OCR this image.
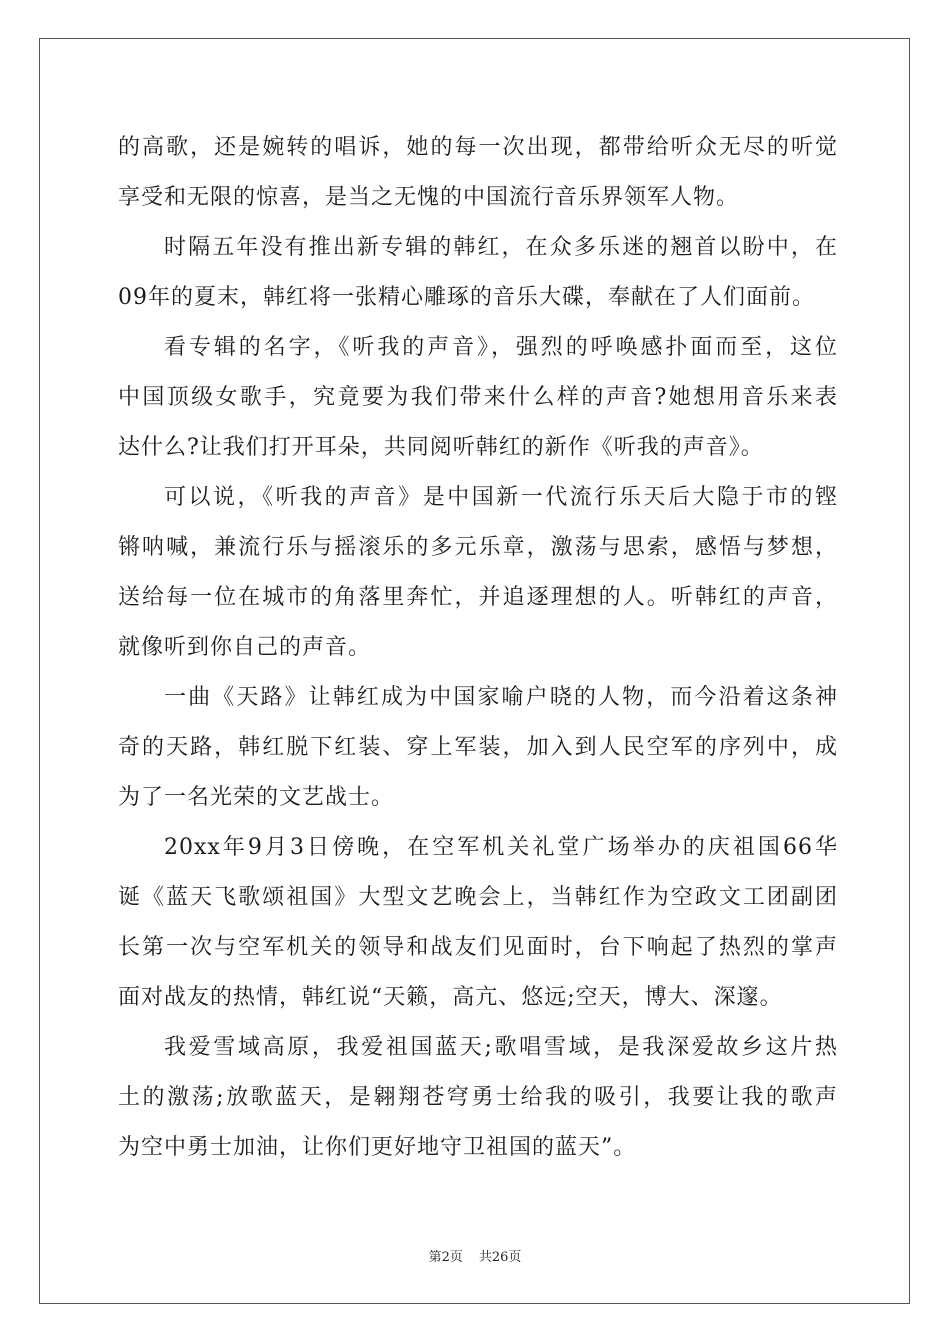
的高歌，还是婉转的唱诉，她的每一次出现，都带给听众无尽的听觉
享受和无限的惊喜，是当之无愧的中国流行音乐界领军人物。
时隔五年没有推出新专辑的韩红，在众多乐迷的翘首以盼中，在
09年的夏末，韩红将一张精心雕琢的音乐大碟，奉献在了人们面前。
看专辑的名字，《听我的声音》，强烈的呼唤感扑面而至，这位
中国顶级女歌手，究竟要为我们带来什么样的声音?她想用音乐来表
达什么?让我们打开耳朵，共同阅听韩红的新作《听我的声音》。
可以说，《听我的声音》是中国新一代流行乐天后大隐于市的铿
锵呐喊，兼流行乐与摇滚乐的多元乐章，激荡与思索，感悟与梦想，
送给每一位在城市的角落里奔忙，并追逐理想的人。听韩红的声音，
就像听到你自己的声音。
一曲《天路》让韩红成为中国家喻户晓的人物，而今沿着这条神
奇的天路，韩红脱下红装、穿上军装，加入到人民空军的序列中，成
为了一名光荣的文艺战士。
20xx年9月3日傍晚，在空军机关礼堂广场举办的庆祖国66华
诞《蓝天飞歌颂祖国》大型文艺晚会上，当韩红作为空政文工团副团
长第一次与空军机关的领导和战友们见面时，台下响起了热烈的掌声
面对战友的热情，韩红说“天籁，高亢、悠远;空天，博大、深邃。
我爱雪域高原，我爱祖国蓝天;歌唱雪域，是我深爱故乡这片热
土的激荡;放歌蓝天，是翱翔苍穹勇士给我的吸引，我要让我的歌声
为空中勇士加油，让你们更好地守卫祖国的蓝天”。
第2页 共26页
